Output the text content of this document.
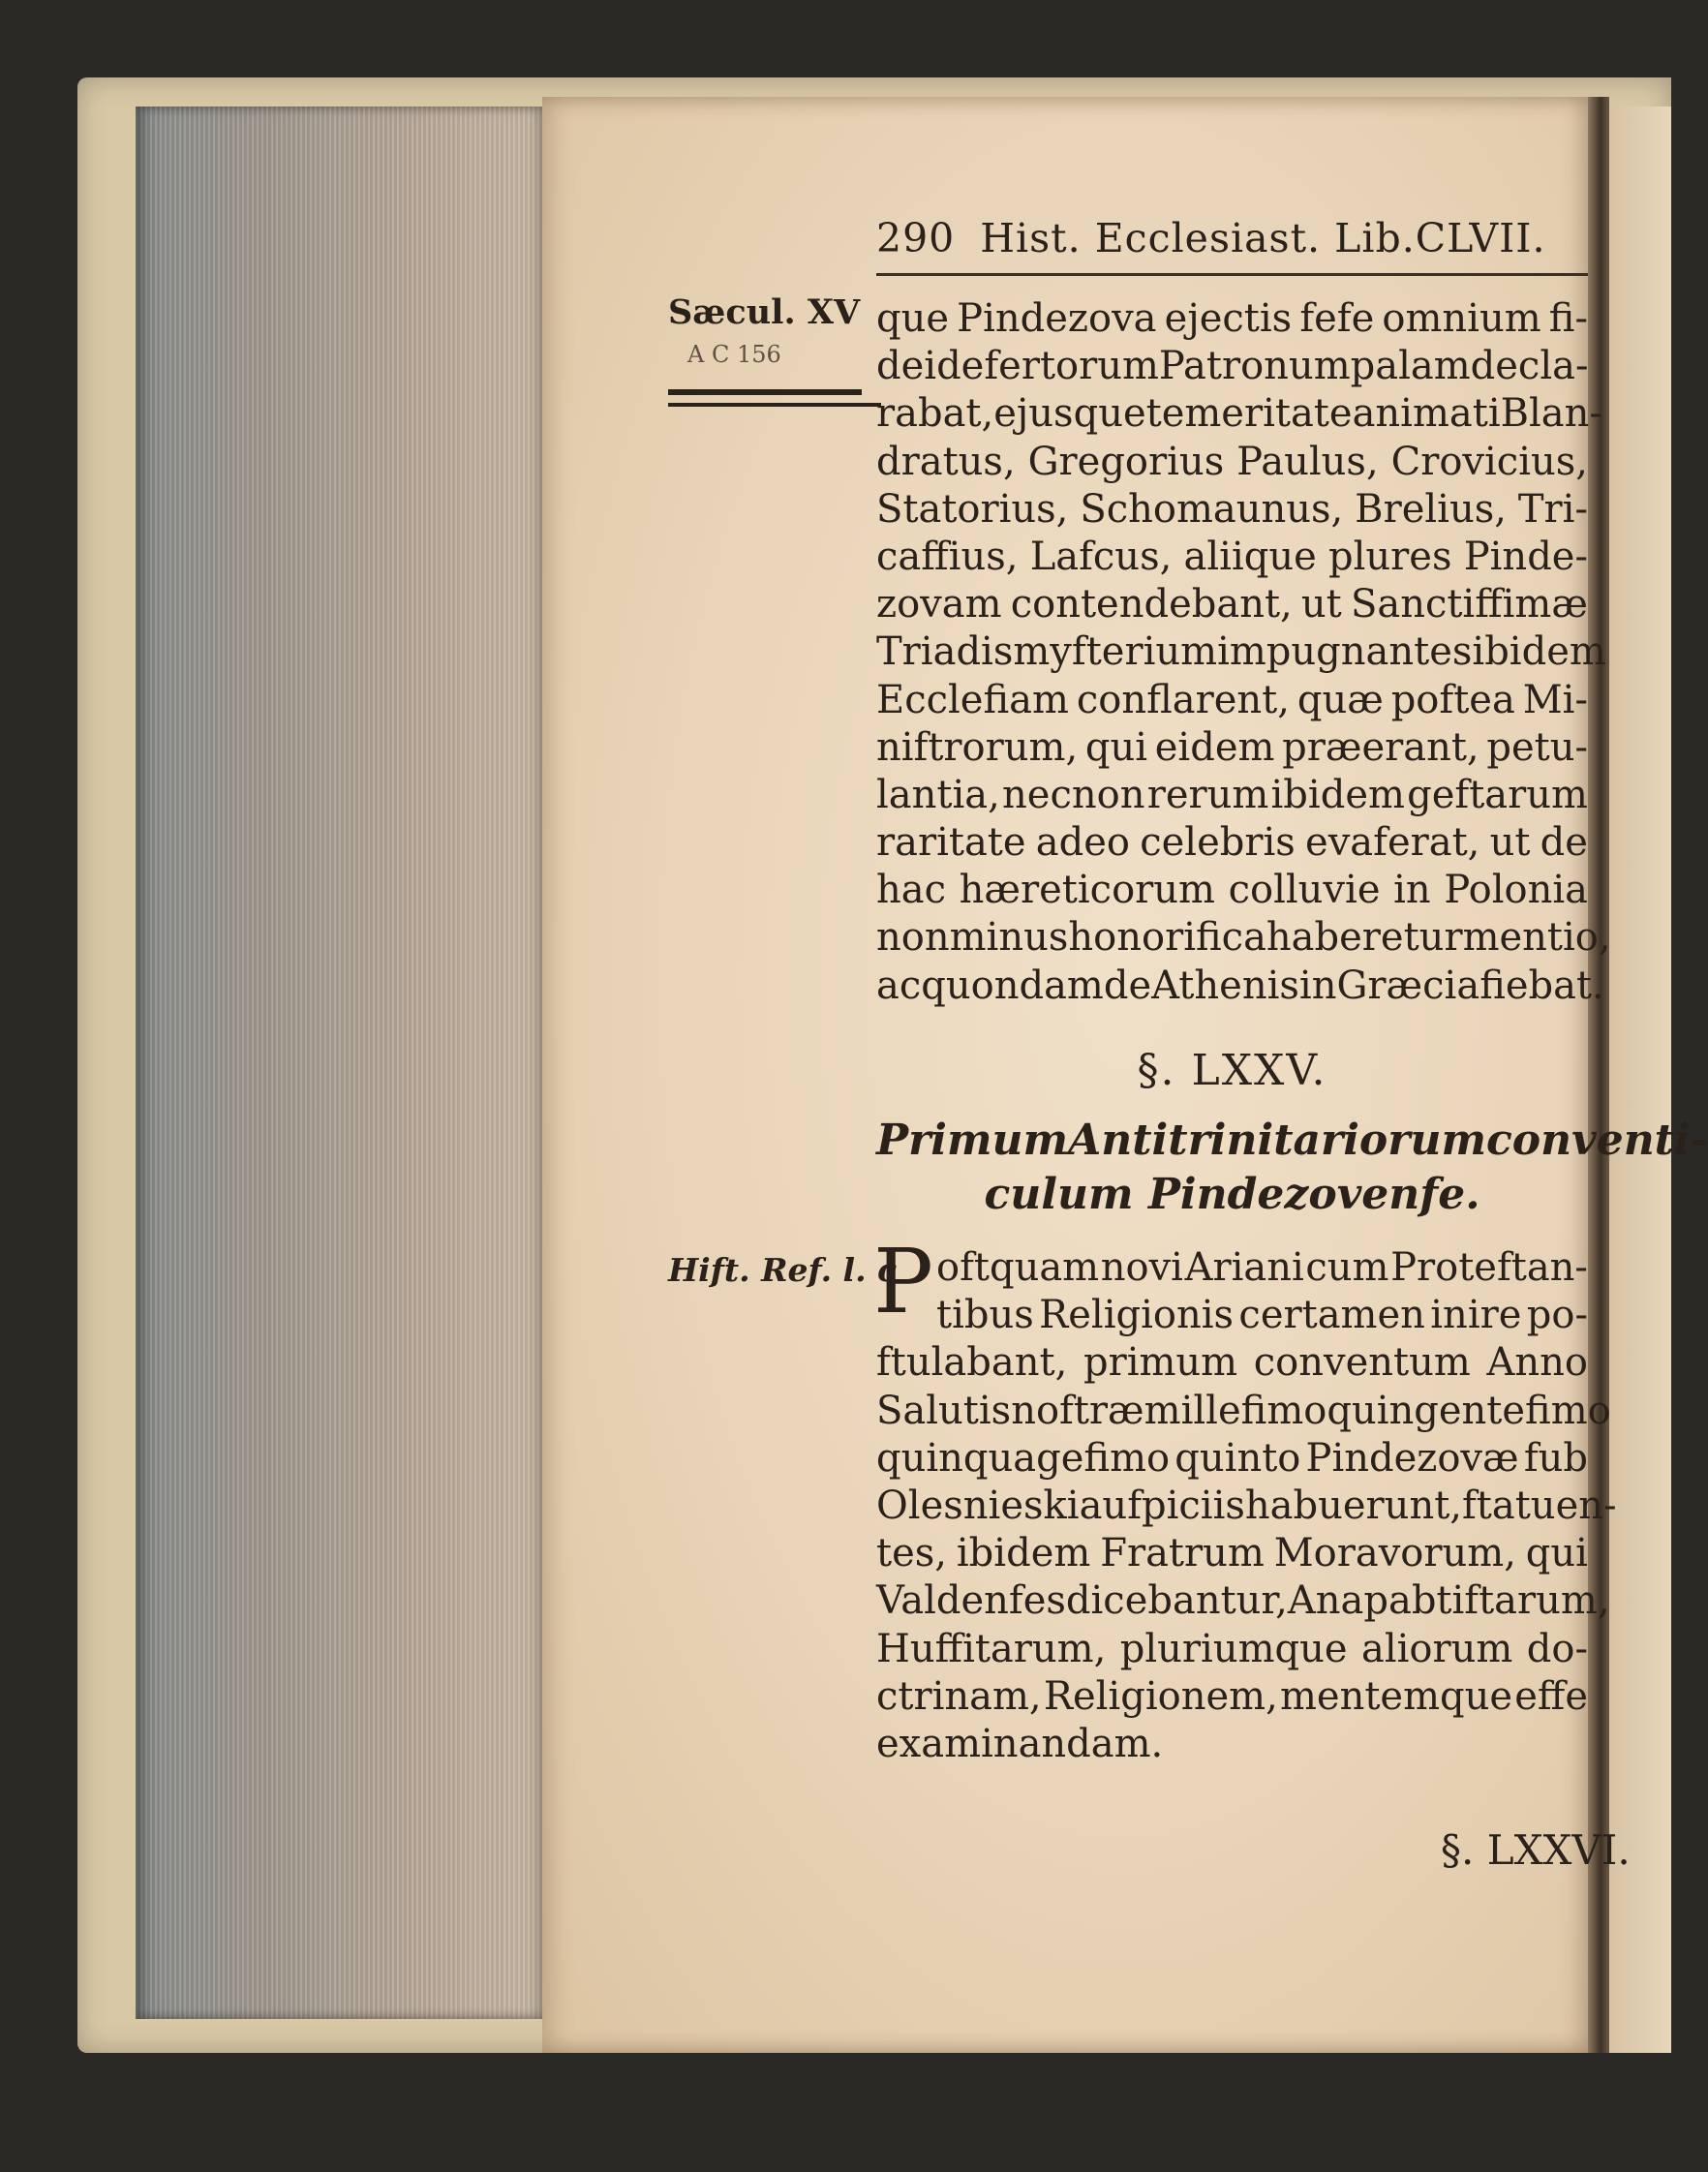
290 Hist. Ecclesiast. Lib.CLVII.
Sæcul. XV
A C 156
que Pindezova ejectis fefe omnium fi-
dei defertorum Patronum palam decla-
rabat, ejusque temeritate animati Blan-
dratus, Gregorius Paulus, Crovicius,
Statorius, Schomaunus, Brelius, Tri-
caffius, Lafcus, aliique plures Pinde-
zovam contendebant, ut Sanctiffimæ
Triadis myfterium impugnantes ibidem
Ecclefiam conflarent, quæ poftea Mi-
niftrorum, qui eidem præerant, petu-
lantia, necnon rerum ibidem geftarum
raritate adeo celebris evaferat, ut de
hac hæreticorum colluvie in Polonia
non minus honorifica haberetur mentio,
ac quondam de Athenis in Græcia fiebat.
§. LXXV.
Primum Antitrinitariorum conventi-
culum Pindezovenfe.
Hift. Ref. l. c
P oftquam novi Ariani cum Proteftan-
tibus Religionis certamen inire po-
ftulabant, primum conventum Anno
Salutis noftræ millefimo quingentefimo
quinquagefimo quinto Pindezovæ fub
Olesnieski aufpiciis habuerunt, ftatuen-
tes, ibidem Fratrum Moravorum, qui
Valdenfes dicebantur, Anapabtiftarum,
Huffitarum, pluriumque aliorum do-
ctrinam, Religionem, mentemque effe
examinandam.
§. LXXVI.
